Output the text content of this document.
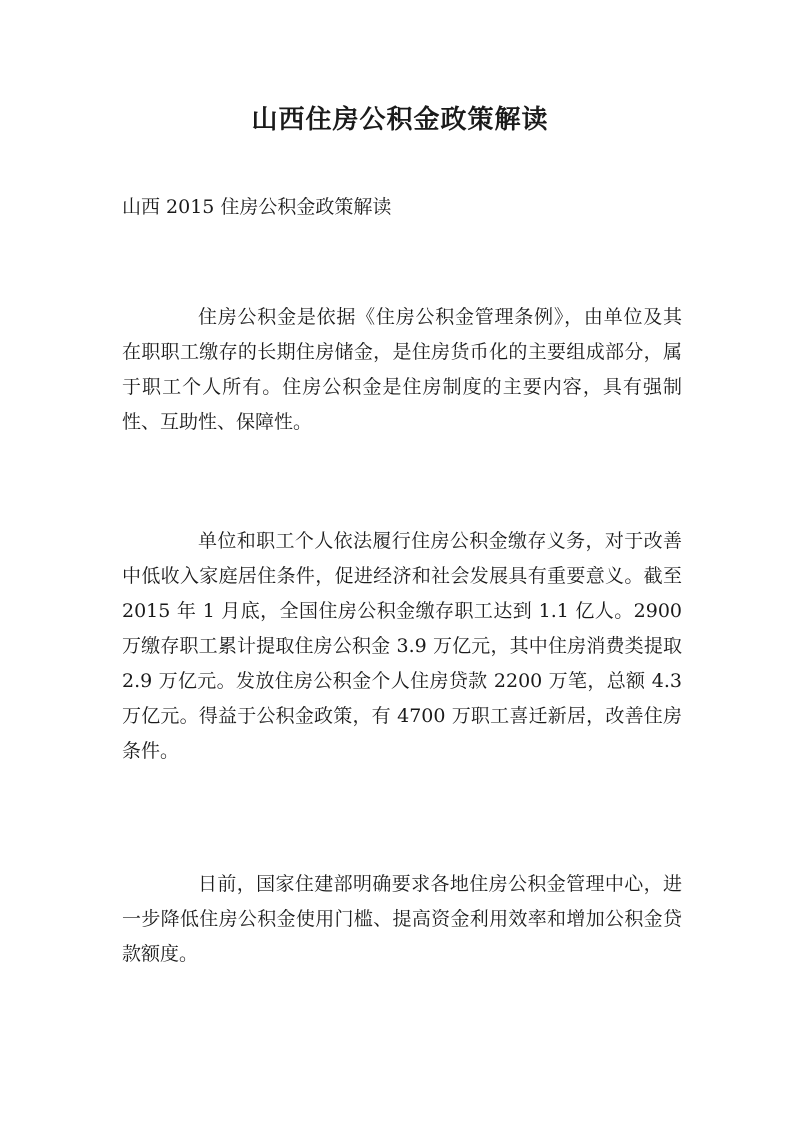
山西住房公积金政策解读
山西 2015 住房公积金政策解读

住房公积金是依据《住房公积金管理条例》，由单位及其在职职工缴存的长期住房储金，是住房货币化的主要组成部分，属于职工个人所有。住房公积金是住房制度的主要内容，具有强制性、互助性、保障性。

单位和职工个人依法履行住房公积金缴存义务，对于改善中低收入家庭居住条件，促进经济和社会发展具有重要意义。截至 2015 年 1 月底，全国住房公积金缴存职工达到 1.1 亿人。2900 万缴存职工累计提取住房公积金 3.9 万亿元，其中住房消费类提取 2.9 万亿元。发放住房公积金个人住房贷款 2200 万笔，总额 4.3 万亿元。得益于公积金政策，有 4700 万职工喜迁新居，改善住房条件。

日前，国家住建部明确要求各地住房公积金管理中心，进一步降低住房公积金使用门槛、提高资金利用效率和增加公积金贷款额度。
